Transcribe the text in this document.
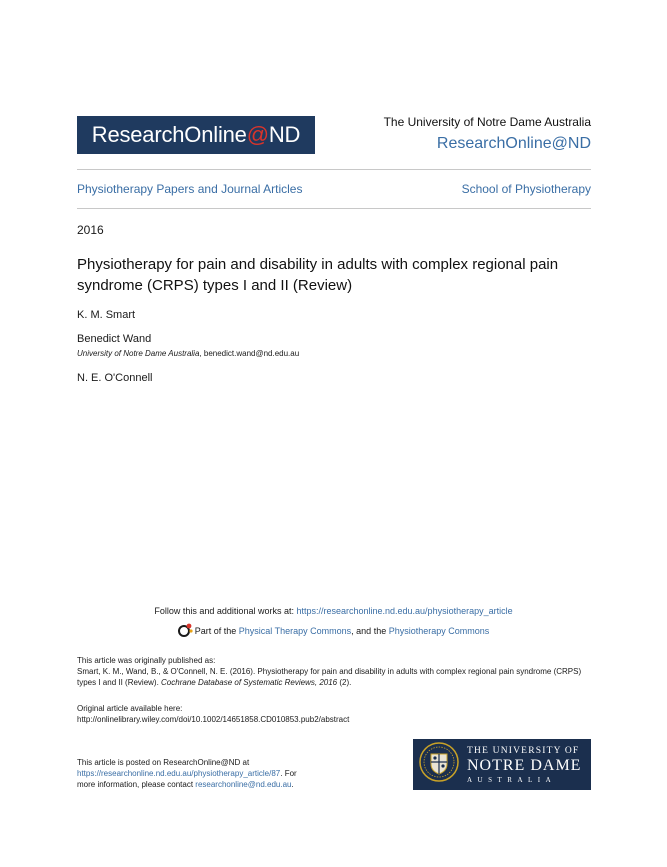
ResearchOnline@ND	The University of Notre Dame Australia
ResearchOnline@ND
Physiotherapy Papers and Journal Articles	School of Physiotherapy
2016
Physiotherapy for pain and disability in adults with complex regional pain syndrome (CRPS) types I and II (Review)
K. M. Smart
Benedict Wand
University of Notre Dame Australia, benedict.wand@nd.edu.au
N. E. O'Connell
Follow this and additional works at: https://researchonline.nd.edu.au/physiotherapy_article
Part of the Physical Therapy Commons, and the Physiotherapy Commons
This article was originally published as:
Smart, K. M., Wand, B., & O'Connell, N. E. (2016). Physiotherapy for pain and disability in adults with complex regional pain syndrome (CRPS) types I and II (Review). Cochrane Database of Systematic Reviews, 2016 (2).
Original article available here:
http://onlinelibrary.wiley.com/doi/10.1002/14651858.CD010853.pub2/abstract
This article is posted on ResearchOnline@ND at
https://researchonline.nd.edu.au/physiotherapy_article/87. For
more information, please contact researchonline@nd.edu.au.
THE UNIVERSITY OF
NOTRE DAME
AUSTRALIA
